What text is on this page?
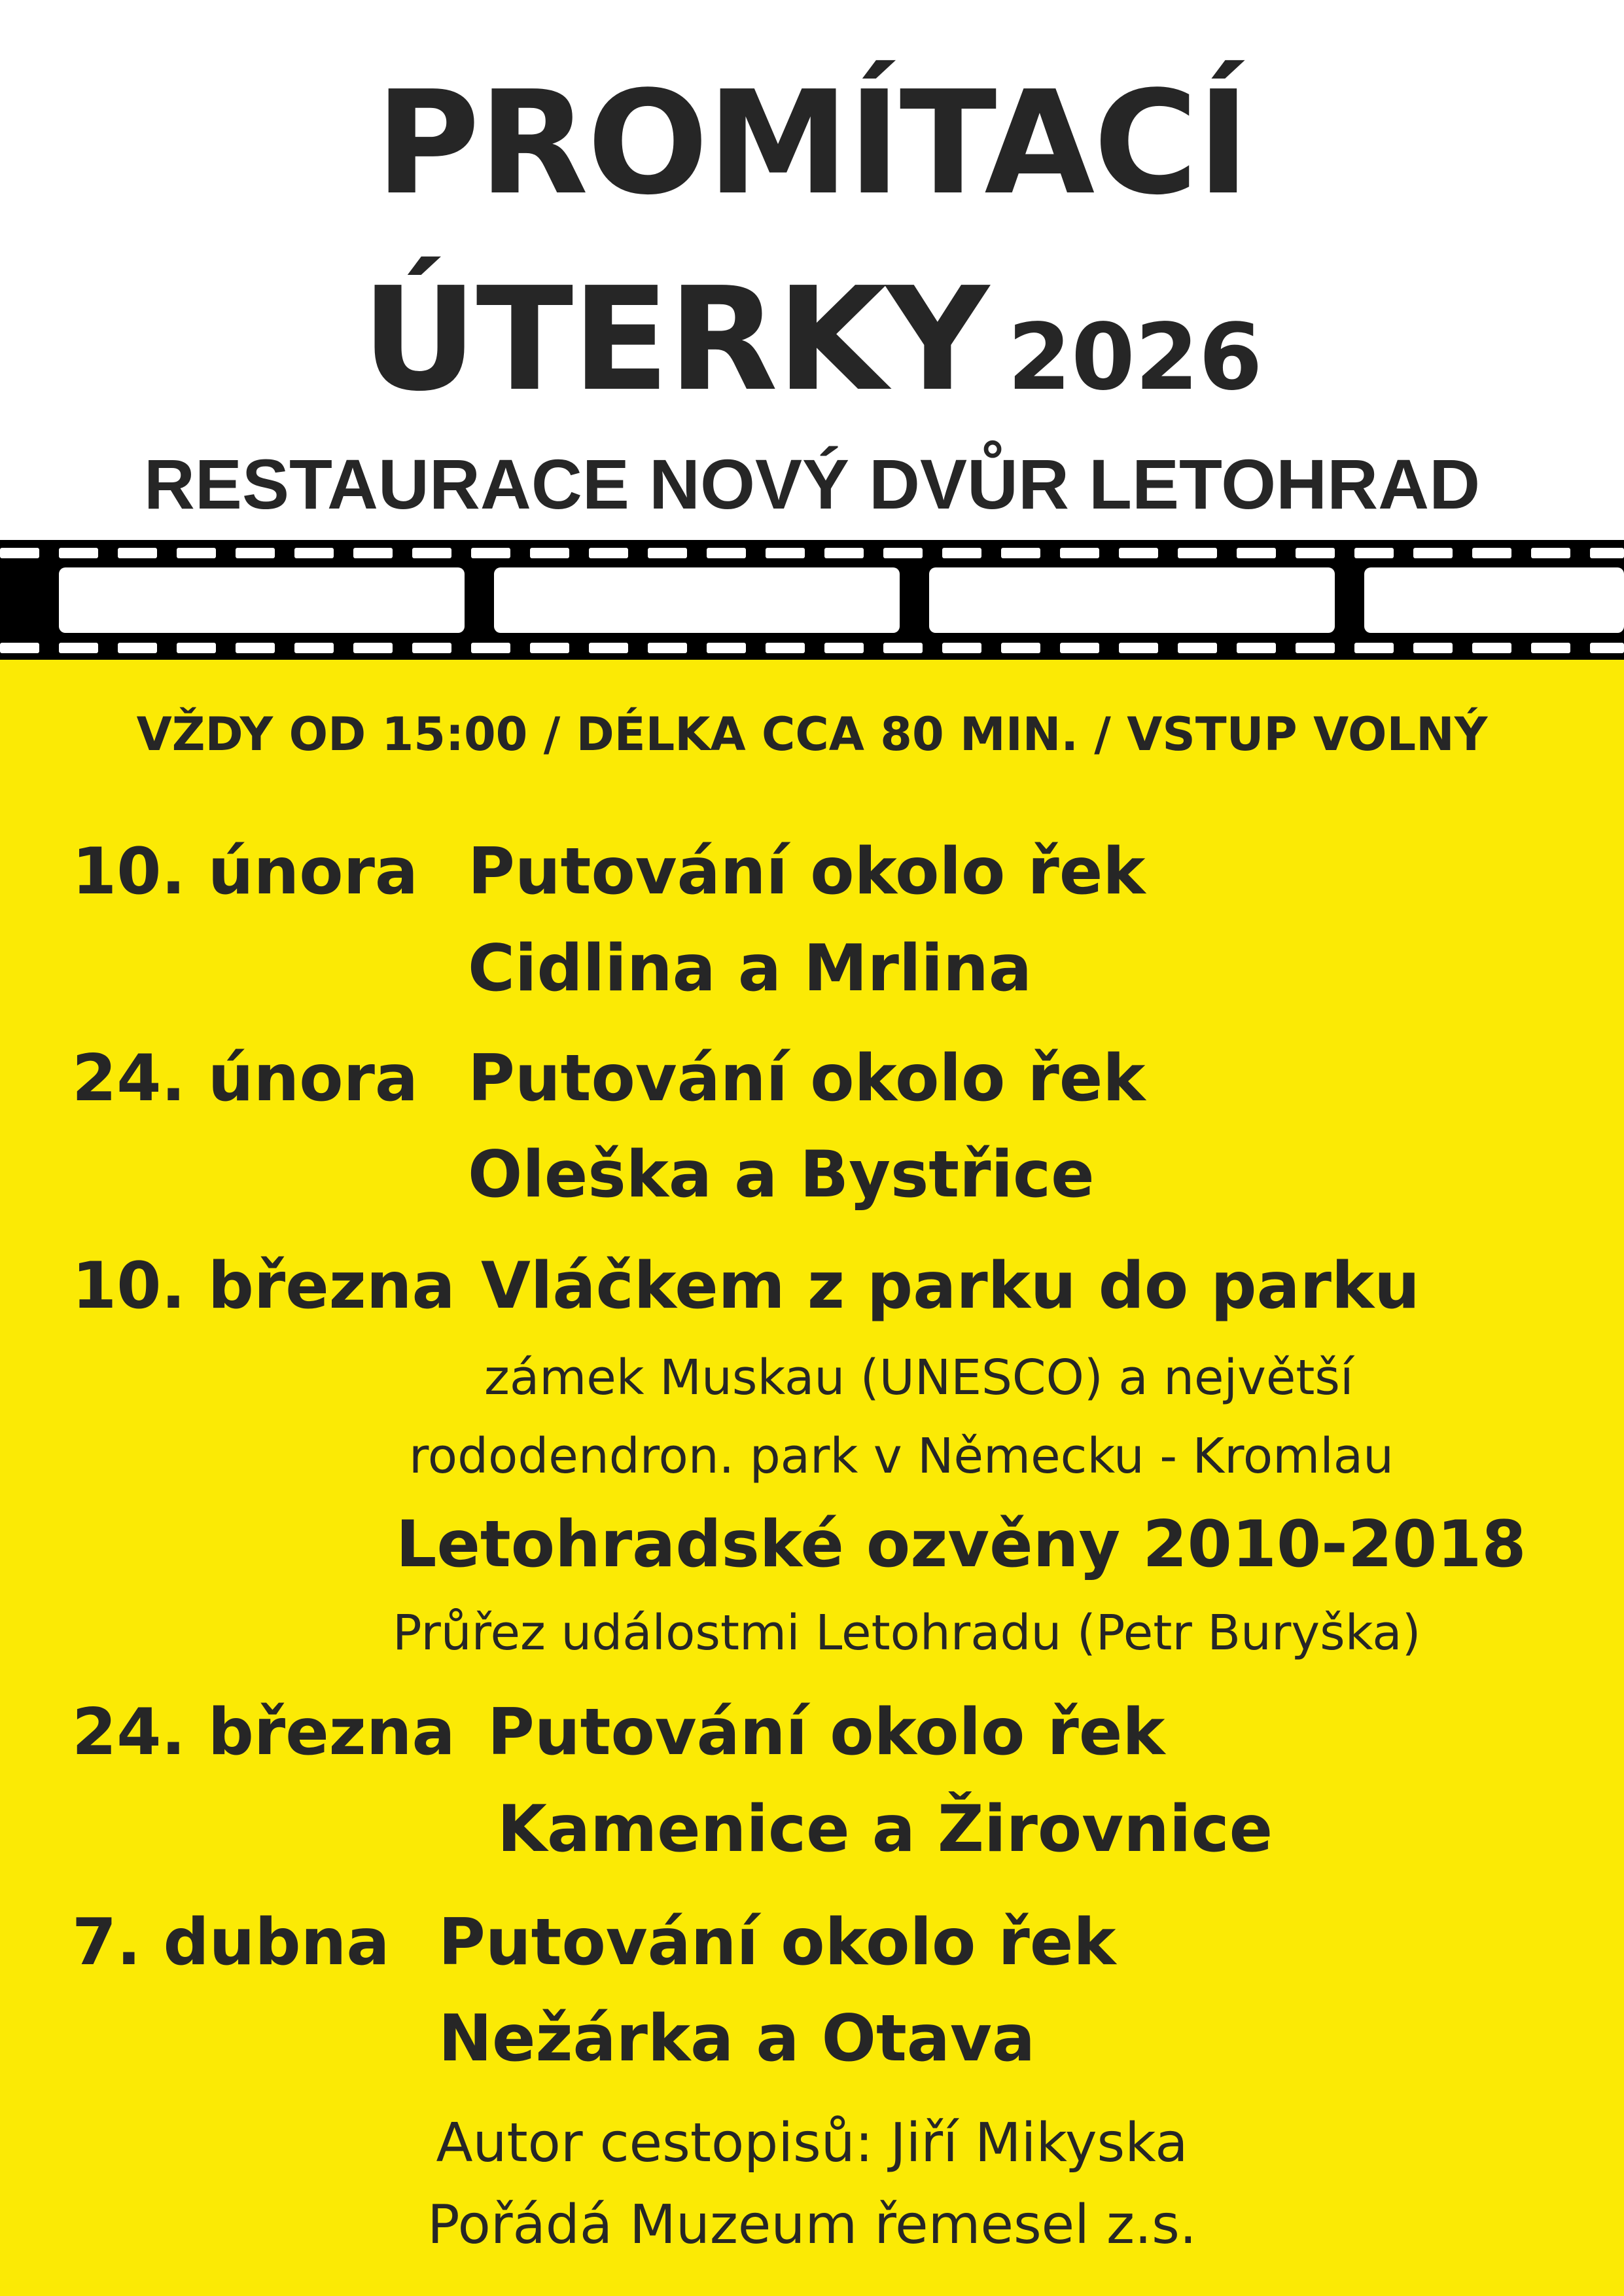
PROMÍTACÍ
ÚTERKY 2026
RESTAURACE NOVÝ DVŮR LETOHRAD
VŽDY OD 15:00 / DÉLKA CCA 80 MIN. / VSTUP VOLNÝ
10. února Putování okolo řek
Cidlina a Mrlina
24. února Putování okolo řek
Oleška a Bystřice
10. března Vláčkem z parku do parku
zámek Muskau (UNESCO) a největší
rododendron. park v Německu - Kromlau
Letohradské ozvěny 2010-2018
Průřez událostmi Letohradu (Petr Buryška)
24. března Putování okolo řek
Kamenice a Žirovnice
7. dubna Putování okolo řek
Nežárka a Otava
Autor cestopisů: Jiří Mikyska
Pořádá Muzeum řemesel z.s.
